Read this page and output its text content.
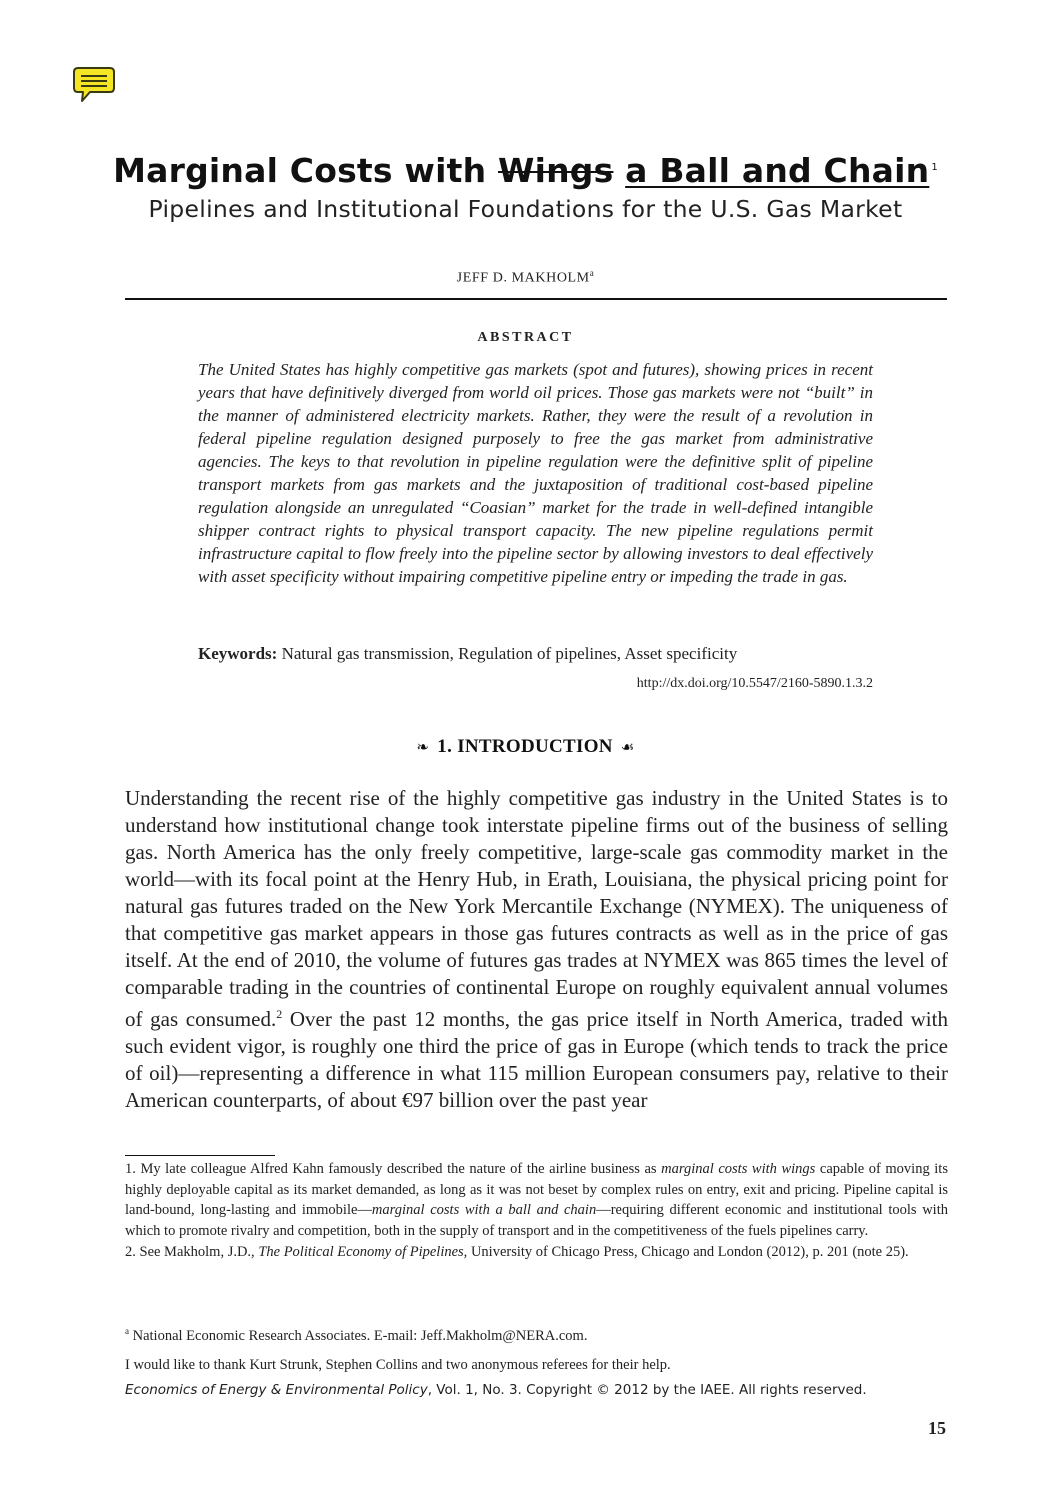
Marginal Costs with Wings a Ball and Chain $^1$

Pipelines and Institutional Foundations for the U.S. Gas Market

JEFF D. MAKHOLM$^a$
ABSTRACT

The United States has highly competitive gas markets (spot and futures), showing prices in recent years that have definitively diverged from world oil prices. Those gas markets were not “built” in the manner of administered electricity markets. Rather, they were the result of a revolution in federal pipeline regulation designed purposely to free the gas market from administrative agencies. The keys to that revolution in pipeline regulation were the definitive split of pipeline transport markets from gas markets and the juxtaposition of traditional cost-based pipeline regulation alongside an unregulated “Coasian” market for the trade in well-defined intangible shipper contract rights to physical transport capacity. The new pipeline regulations permit infrastructure capital to flow freely into the pipeline sector by allowing investors to deal effectively with asset specificity without impairing competitive pipeline entry or impeding the trade in gas.

Keywords: Natural gas transmission, Regulation of pipelines, Asset specificity
http://dx.doi.org/10.5547/2160-5890.1.3.2
❧ 1. INTRODUCTION ☙

Understanding the recent rise of the highly competitive gas industry in the United States is to understand how institutional change took interstate pipeline firms out of the business of selling gas. North America has the only freely competitive, large-scale gas commodity market in the world—with its focal point at the Henry Hub, in Erath, Louisiana, the physical pricing point for natural gas futures traded on the New York Mercantile Exchange (NYMEX). The uniqueness of that competitive gas market appears in those gas futures contracts as well as in the price of gas itself. At the end of 2010, the volume of futures gas trades at NYMEX was 865 times the level of comparable trading in the countries of continental Europe on roughly equivalent annual volumes of gas consumed.$^2$ Over the past 12 months, the gas price itself in North America, traded with such evident vigor, is roughly one third the price of gas in Europe (which tends to track the price of oil)—representing a difference in what 115 million European consumers pay, relative to their American counterparts, of about €97 billion over the past year

1. My late colleague Alfred Kahn famously described the nature of the airline business as marginal costs with wings capable of moving its highly deployable capital as its market demanded, as long as it was not beset by complex rules on entry, exit and pricing. Pipeline capital is land-bound, long-lasting and immobile—marginal costs with a ball and chain—requiring different economic and institutional tools with which to promote rivalry and competition, both in the supply of transport and in the competitiveness of the fuels pipelines carry.

2. See Makholm, J.D., The Political Economy of Pipelines, University of Chicago Press, Chicago and London (2012), p. 201 (note 25).

$^a$ National Economic Research Associates. E-mail: Jeff.Makholm@NERA.com.
I would like to thank Kurt Strunk, Stephen Collins and two anonymous referees for their help.
Economics of Energy & Environmental Policy, Vol. 1, No. 3. Copyright © 2012 by the IAEE. All rights reserved.
15
